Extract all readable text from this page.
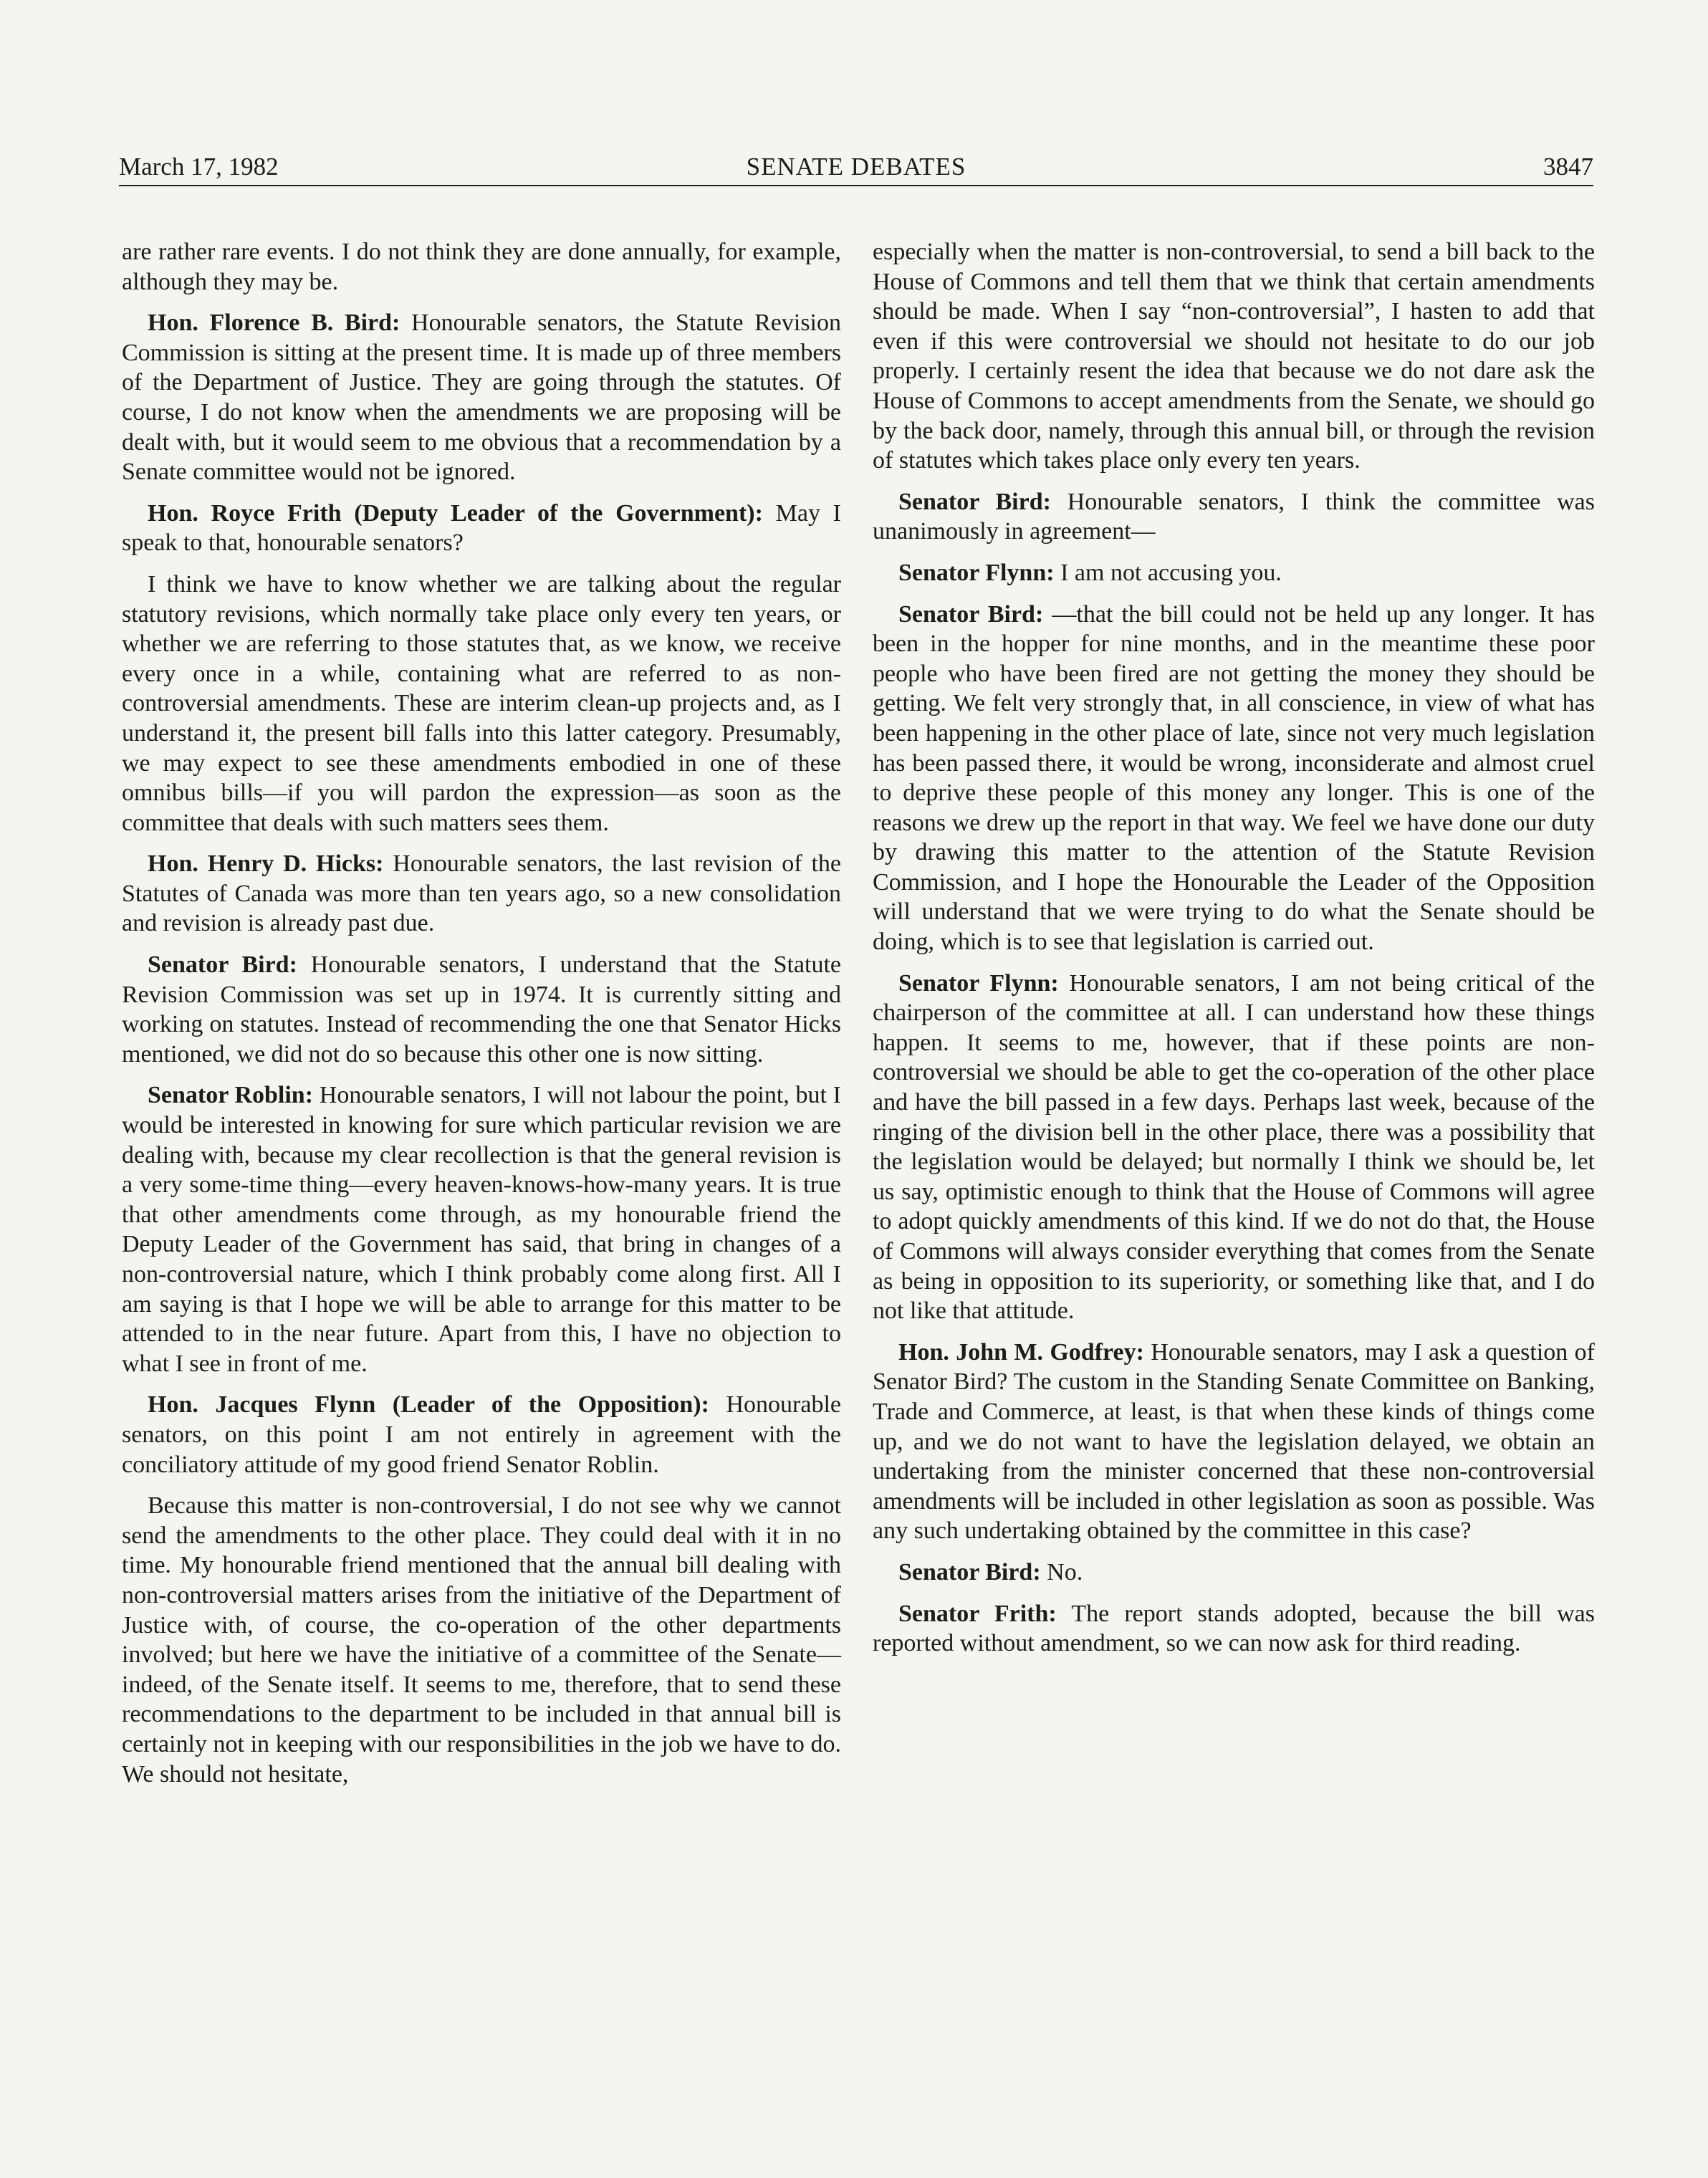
March 17, 1982	SENATE DEBATES	3847

are rather rare events. I do not think they are done annually, for example, although they may be.

Hon. Florence B. Bird: Honourable senators, the Statute Revision Commission is sitting at the present time. It is made up of three members of the Department of Justice. They are going through the statutes. Of course, I do not know when the amendments we are proposing will be dealt with, but it would seem to me obvious that a recommendation by a Senate committee would not be ignored.

Hon. Royce Frith (Deputy Leader of the Government): May I speak to that, honourable senators?

I think we have to know whether we are talking about the regular statutory revisions, which normally take place only every ten years, or whether we are referring to those statutes that, as we know, we receive every once in a while, containing what are referred to as non-controversial amendments. These are interim clean-up projects and, as I understand it, the present bill falls into this latter category. Presumably, we may expect to see these amendments embodied in one of these omnibus bills—if you will pardon the expression—as soon as the committee that deals with such matters sees them.

Hon. Henry D. Hicks: Honourable senators, the last revision of the Statutes of Canada was more than ten years ago, so a new consolidation and revision is already past due.

Senator Bird: Honourable senators, I understand that the Statute Revision Commission was set up in 1974. It is currently sitting and working on statutes. Instead of recommending the one that Senator Hicks mentioned, we did not do so because this other one is now sitting.

Senator Roblin: Honourable senators, I will not labour the point, but I would be interested in knowing for sure which particular revision we are dealing with, because my clear recollection is that the general revision is a very some-time thing—every heaven-knows-how-many years. It is true that other amendments come through, as my honourable friend the Deputy Leader of the Government has said, that bring in changes of a non-controversial nature, which I think probably come along first. All I am saying is that I hope we will be able to arrange for this matter to be attended to in the near future. Apart from this, I have no objection to what I see in front of me.

Hon. Jacques Flynn (Leader of the Opposition): Honourable senators, on this point I am not entirely in agreement with the conciliatory attitude of my good friend Senator Roblin.

Because this matter is non-controversial, I do not see why we cannot send the amendments to the other place. They could deal with it in no time. My honourable friend mentioned that the annual bill dealing with non-controversial matters arises from the initiative of the Department of Justice with, of course, the co-operation of the other departments involved; but here we have the initiative of a committee of the Senate—indeed, of the Senate itself. It seems to me, therefore, that to send these recommendations to the department to be included in that annual bill is certainly not in keeping with our responsibilities in the job we have to do. We should not hesitate,

especially when the matter is non-controversial, to send a bill back to the House of Commons and tell them that we think that certain amendments should be made. When I say “non-controversial”, I hasten to add that even if this were controversial we should not hesitate to do our job properly. I certainly resent the idea that because we do not dare ask the House of Commons to accept amendments from the Senate, we should go by the back door, namely, through this annual bill, or through the revision of statutes which takes place only every ten years.

Senator Bird: Honourable senators, I think the committee was unanimously in agreement—

Senator Flynn: I am not accusing you.

Senator Bird: —that the bill could not be held up any longer. It has been in the hopper for nine months, and in the meantime these poor people who have been fired are not getting the money they should be getting. We felt very strongly that, in all conscience, in view of what has been happening in the other place of late, since not very much legislation has been passed there, it would be wrong, inconsiderate and almost cruel to deprive these people of this money any longer. This is one of the reasons we drew up the report in that way. We feel we have done our duty by drawing this matter to the attention of the Statute Revision Commission, and I hope the Honourable the Leader of the Opposition will understand that we were trying to do what the Senate should be doing, which is to see that legislation is carried out.

Senator Flynn: Honourable senators, I am not being critical of the chairperson of the committee at all. I can understand how these things happen. It seems to me, however, that if these points are non-controversial we should be able to get the co-operation of the other place and have the bill passed in a few days. Perhaps last week, because of the ringing of the division bell in the other place, there was a possibility that the legislation would be delayed; but normally I think we should be, let us say, optimistic enough to think that the House of Commons will agree to adopt quickly amendments of this kind. If we do not do that, the House of Commons will always consider everything that comes from the Senate as being in opposition to its superiority, or something like that, and I do not like that attitude.

Hon. John M. Godfrey: Honourable senators, may I ask a question of Senator Bird? The custom in the Standing Senate Committee on Banking, Trade and Commerce, at least, is that when these kinds of things come up, and we do not want to have the legislation delayed, we obtain an undertaking from the minister concerned that these non-controversial amendments will be included in other legislation as soon as possible. Was any such undertaking obtained by the committee in this case?

Senator Bird: No.

Senator Frith: The report stands adopted, because the bill was reported without amendment, so we can now ask for third reading.
